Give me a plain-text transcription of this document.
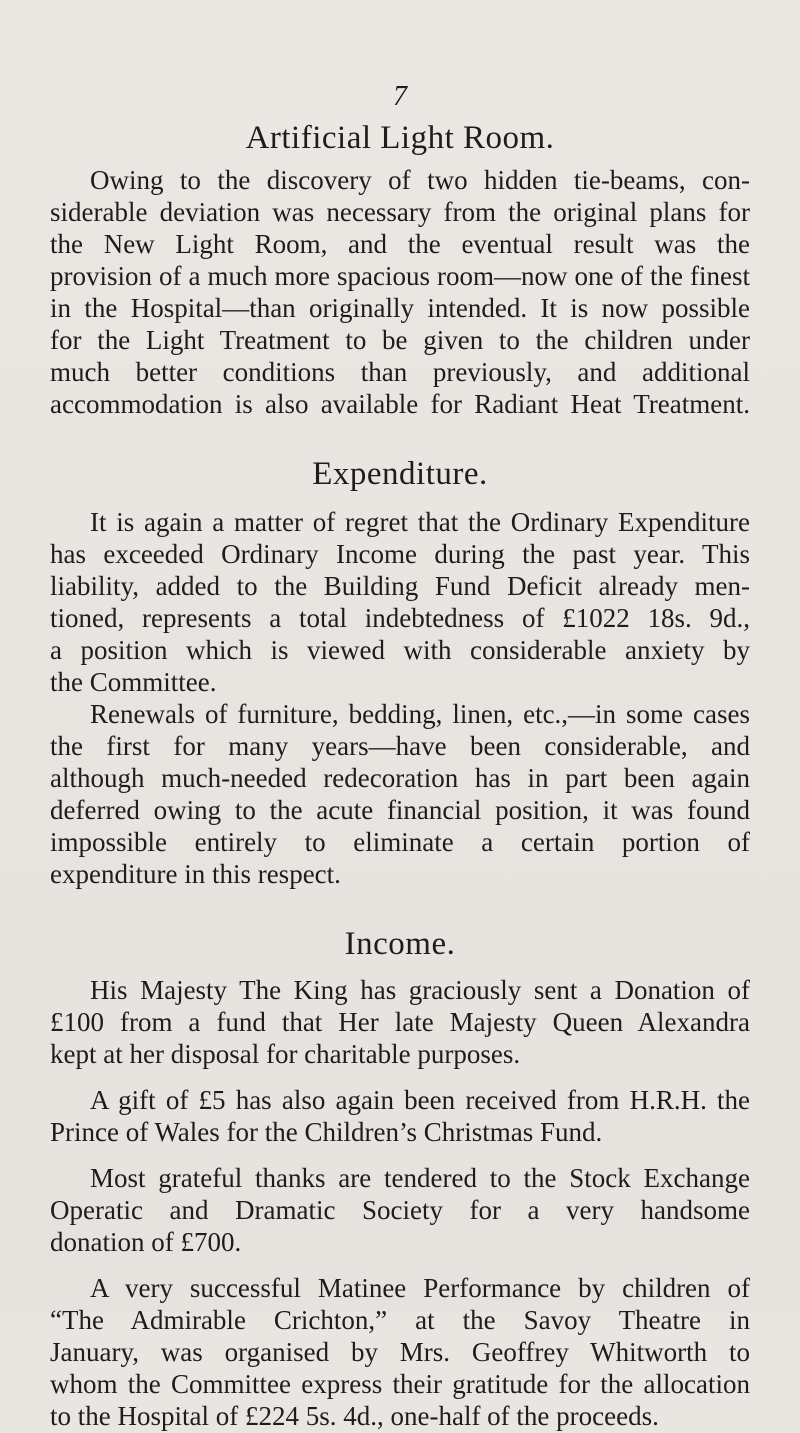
7
Artificial Light Room.
Owing to the discovery of two hidden tie-beams, con-
siderable deviation was necessary from the original plans for
the New Light Room, and the eventual result was the
provision of a much more spacious room—now one of the finest
in the Hospital—than originally intended. It is now possible
for the Light Treatment to be given to the children under
much better conditions than previously, and additional
accommodation is also available for Radiant Heat Treatment.
Expenditure.
It is again a matter of regret that the Ordinary Expenditure
has exceeded Ordinary Income during the past year. This
liability, added to the Building Fund Deficit already men-
tioned, represents a total indebtedness of £1022 18s. 9d.,
a position which is viewed with considerable anxiety by
the Committee.
Renewals of furniture, bedding, linen, etc.,—in some cases
the first for many years—have been considerable, and
although much-needed redecoration has in part been again
deferred owing to the acute financial position, it was found
impossible entirely to eliminate a certain portion of
expenditure in this respect.
Income.
His Majesty The King has graciously sent a Donation of
£100 from a fund that Her late Majesty Queen Alexandra
kept at her disposal for charitable purposes.
A gift of £5 has also again been received from H.R.H. the
Prince of Wales for the Children’s Christmas Fund.
Most grateful thanks are tendered to the Stock Exchange
Operatic and Dramatic Society for a very handsome
donation of £700.
A very successful Matinee Performance by children of
“The Admirable Crichton,” at the Savoy Theatre in
January, was organised by Mrs. Geoffrey Whitworth to
whom the Committee express their gratitude for the allocation
to the Hospital of £224 5s. 4d., one-half of the proceeds.
